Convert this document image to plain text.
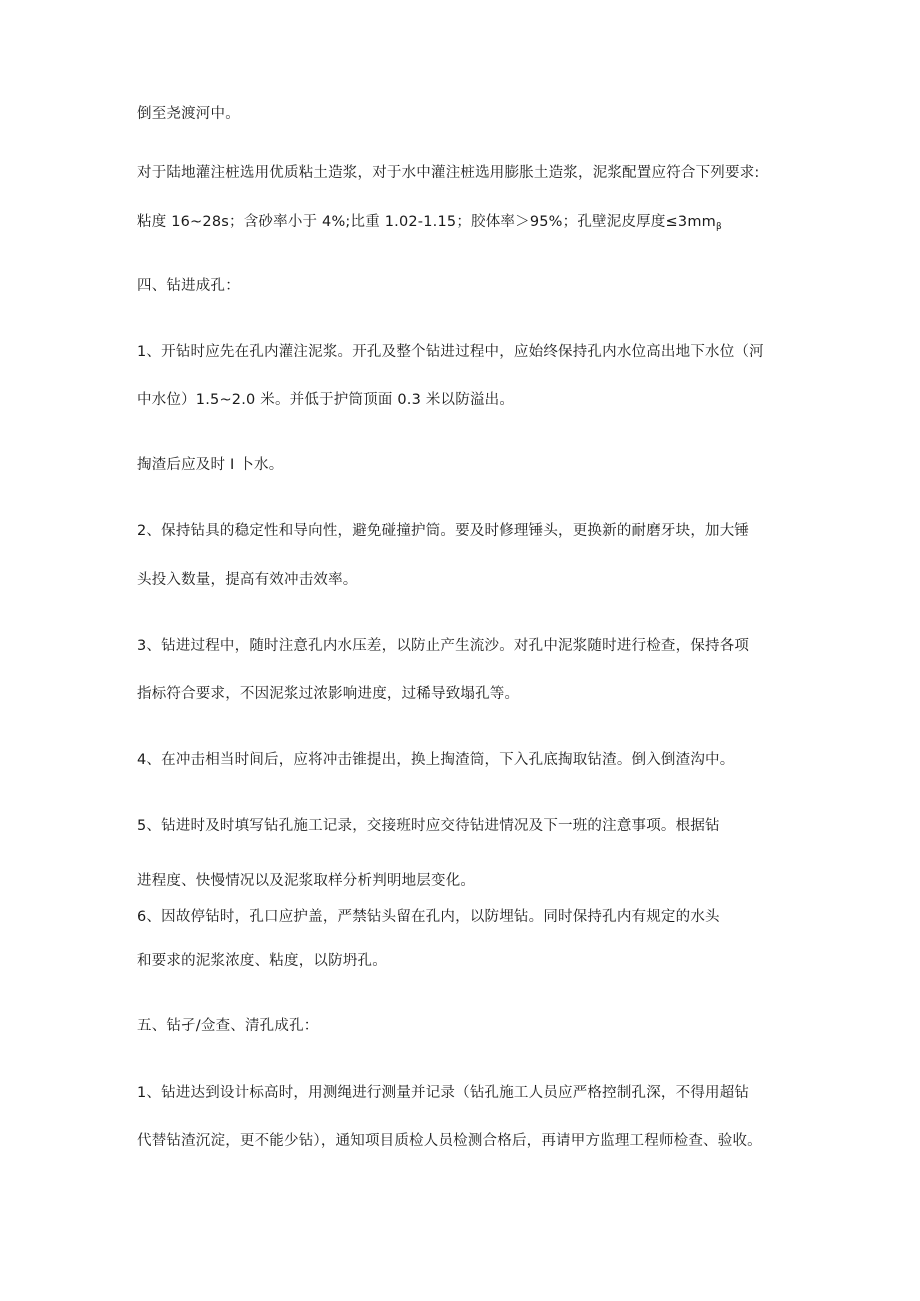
倒至尧渡河中。
对于陆地灌注桩选用优质粘土造浆，对于水中灌注桩选用膨胀土造浆，泥浆配置应符合下列要求:
粘度 16~28s；含砂率小于 4%;比重 1.02-1.15；胶体率＞95%；孔壁泥皮厚度$\le 3mm_\beta$
四、钻进成孔：
1、开钻时应先在孔内灌注泥浆。开孔及整个钻进过程中，应始终保持孔内水位高出地下水位（河
中水位）1.5~2.0 米。并低于护筒顶面 0.3 米以防溢出。
掏渣后应及时 I 卜水。
2、保持钻具的稳定性和导向性，避免碰撞护筒。要及时修理锤头，更换新的耐磨牙块，加大锤
头投入数量，提高有效冲击效率。
3、钻进过程中，随时注意孔内水压差，以防止产生流沙。对孔中泥浆随时进行检查，保持各项
指标符合要求，不因泥浆过浓影响进度，过稀导致塌孔等。
4、在冲击相当时间后，应将冲击锥提出，换上掏渣筒，下入孔底掏取钻渣。倒入倒渣沟中。
5、钻进时及时填写钻孔施工记录，交接班时应交待钻进情况及下一班的注意事项。根据钻
进程度、快慢情况以及泥浆取样分析判明地层变化。
6、因故停钻时，孔口应护盖，严禁钻头留在孔内，以防埋钻。同时保持孔内有规定的水头
和要求的泥浆浓度、粘度，以防坍孔。
五、钻孑/佥查、清孔成孔：
1、钻进达到设计标高时，用测绳进行测量并记录（钻孔施工人员应严格控制孔深，不得用超钻
代替钻渣沉淀，更不能少钻），通知项目质检人员检测合格后，再请甲方监理工程师检查、验收。
